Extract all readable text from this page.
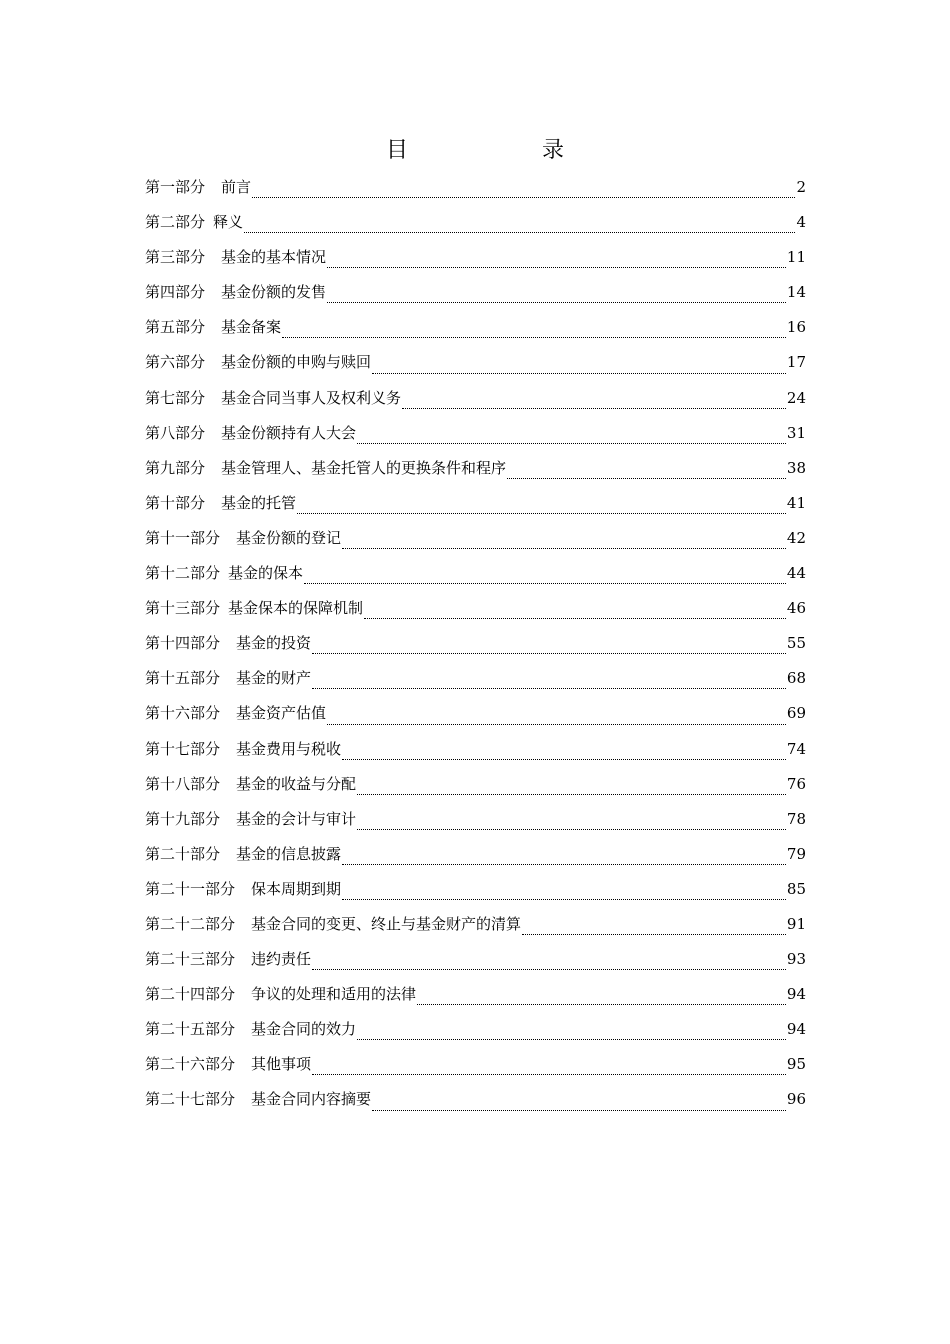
目　　录
第一部分 前言	2
第二部分 释义	4
第三部分 基金的基本情况	11
第四部分 基金份额的发售	14
第五部分 基金备案	16
第六部分 基金份额的申购与赎回	17
第七部分 基金合同当事人及权利义务	24
第八部分 基金份额持有人大会	31
第九部分 基金管理人、基金托管人的更换条件和程序	38
第十部分 基金的托管	41
第十一部分 基金份额的登记	42
第十二部分 基金的保本	44
第十三部分 基金保本的保障机制	46
第十四部分 基金的投资	55
第十五部分 基金的财产	68
第十六部分 基金资产估值	69
第十七部分 基金费用与税收	74
第十八部分 基金的收益与分配	76
第十九部分 基金的会计与审计	78
第二十部分 基金的信息披露	79
第二十一部分 保本周期到期	85
第二十二部分 基金合同的变更、终止与基金财产的清算	91
第二十三部分 违约责任	93
第二十四部分 争议的处理和适用的法律	94
第二十五部分 基金合同的效力	94
第二十六部分 其他事项	95
第二十七部分 基金合同内容摘要	96
